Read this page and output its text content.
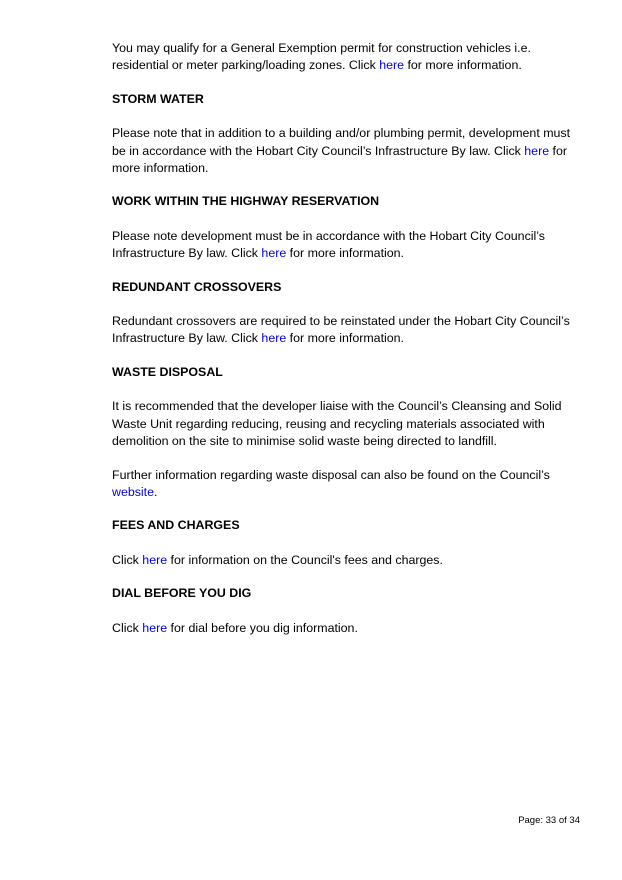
You may qualify for a General Exemption permit for construction vehicles i.e. residential or meter parking/loading zones. Click here for more information.

STORM WATER

Please note that in addition to a building and/or plumbing permit, development must be in accordance with the Hobart City Council’s Infrastructure By law. Click here for more information.

WORK WITHIN THE HIGHWAY RESERVATION

Please note development must be in accordance with the Hobart City Council’s Infrastructure By law. Click here for more information.

REDUNDANT CROSSOVERS

Redundant crossovers are required to be reinstated under the Hobart City Council’s Infrastructure By law. Click here for more information.

WASTE DISPOSAL

It is recommended that the developer liaise with the Council’s Cleansing and Solid Waste Unit regarding reducing, reusing and recycling materials associated with demolition on the site to minimise solid waste being directed to landfill.

Further information regarding waste disposal can also be found on the Council’s website.

FEES AND CHARGES

Click here for information on the Council's fees and charges.

DIAL BEFORE YOU DIG

Click here for dial before you dig information.

Page: 33 of 34
